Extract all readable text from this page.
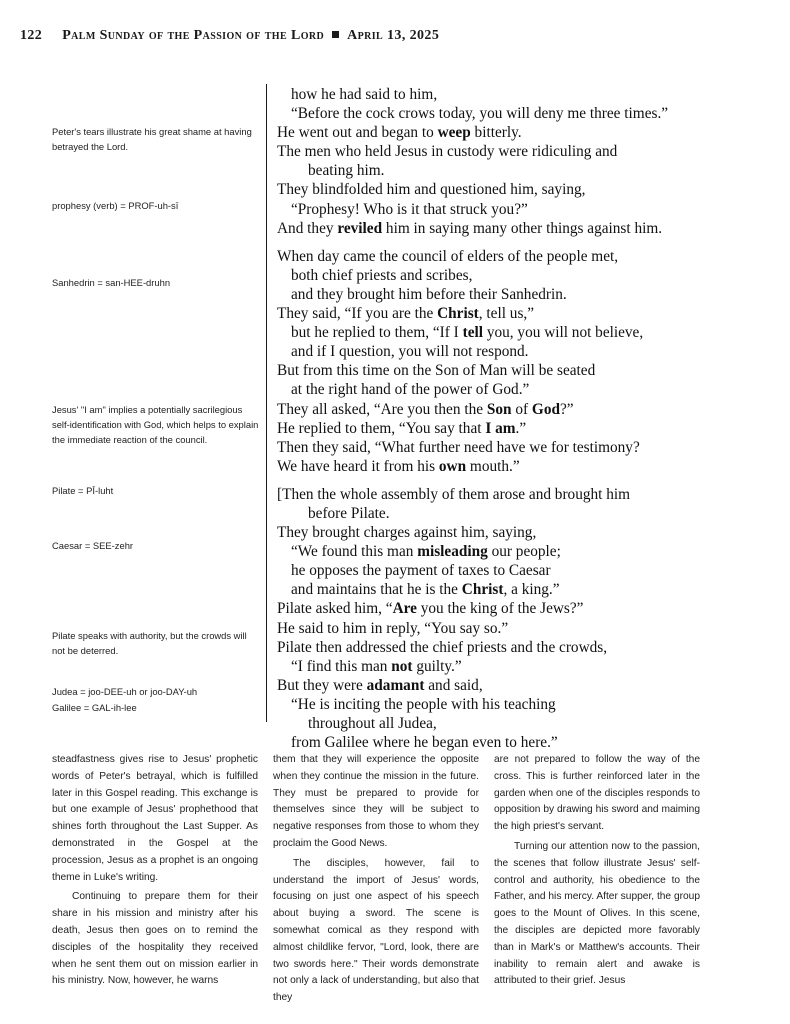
122 Palm Sunday of the Passion of the Lord April 13, 2025

Peter's tears illustrate his great shame at having betrayed the Lord.

prophesy (verb) = PROF-uh-sī

Sanhedrin = san-HEE-druhn

Jesus' "I am" implies a potentially sacrilegious self-identification with God, which helps to explain the immediate reaction of the council.

Pilate = PĪ-luht

Caesar = SEE-zehr

Pilate speaks with authority, but the crowds will not be deterred.

Judea = joo-DEE-uh or joo-DAY-uh

Galilee = GAL-ih-lee

how he had said to him,
“Before the cock crows today, you will deny me three times.”
He went out and began to weep bitterly.
The men who held Jesus in custody were ridiculing and
beating him.
They blindfolded him and questioned him, saying,
“Prophesy! Who is it that struck you?”
And they reviled him in saying many other things against him.
When day came the council of elders of the people met,
both chief priests and scribes,
and they brought him before their Sanhedrin.
They said, “If you are the Christ, tell us,”
but he replied to them, “If I tell you, you will not believe,
and if I question, you will not respond.
But from this time on the Son of Man will be seated
at the right hand of the power of God.”
They all asked, “Are you then the Son of God?”
He replied to them, “You say that I am.”
Then they said, “What further need have we for testimony?
We have heard it from his own mouth.”
[Then the whole assembly of them arose and brought him
before Pilate.
They brought charges against him, saying,
“We found this man misleading our people;
he opposes the payment of taxes to Caesar
and maintains that he is the Christ, a king.”
Pilate asked him, “Are you the king of the Jews?”
He said to him in reply, “You say so.”
Pilate then addressed the chief priests and the crowds,
“I find this man not guilty.”
But they were adamant and said,
“He is inciting the people with his teaching
throughout all Judea,
from Galilee where he began even to here.”

steadfastness gives rise to Jesus' prophetic words of Peter's betrayal, which is fulfilled later in this Gospel reading. This exchange is but one example of Jesus' prophethood that shines forth throughout the Last Supper. As demonstrated in the Gospel at the procession, Jesus as a prophet is an ongoing theme in Luke's writing.

Continuing to prepare them for their share in his mission and ministry after his death, Jesus then goes on to remind the disciples of the hospitality they received when he sent them out on mission earlier in his ministry. Now, however, he warns

them that they will experience the opposite when they continue the mission in the future. They must be prepared to provide for themselves since they will be subject to negative responses from those to whom they proclaim the Good News.

The disciples, however, fail to understand the import of Jesus' words, focusing on just one aspect of his speech about buying a sword. The scene is somewhat comical as they respond with almost childlike fervor, "Lord, look, there are two swords here." Their words demonstrate not only a lack of understanding, but also that they

are not prepared to follow the way of the cross. This is further reinforced later in the garden when one of the disciples responds to opposition by drawing his sword and maiming the high priest's servant.

Turning our attention now to the passion, the scenes that follow illustrate Jesus' self-control and authority, his obedience to the Father, and his mercy. After supper, the group goes to the Mount of Olives. In this scene, the disciples are depicted more favorably than in Mark's or Matthew's accounts. Their inability to remain alert and awake is attributed to their grief. Jesus
